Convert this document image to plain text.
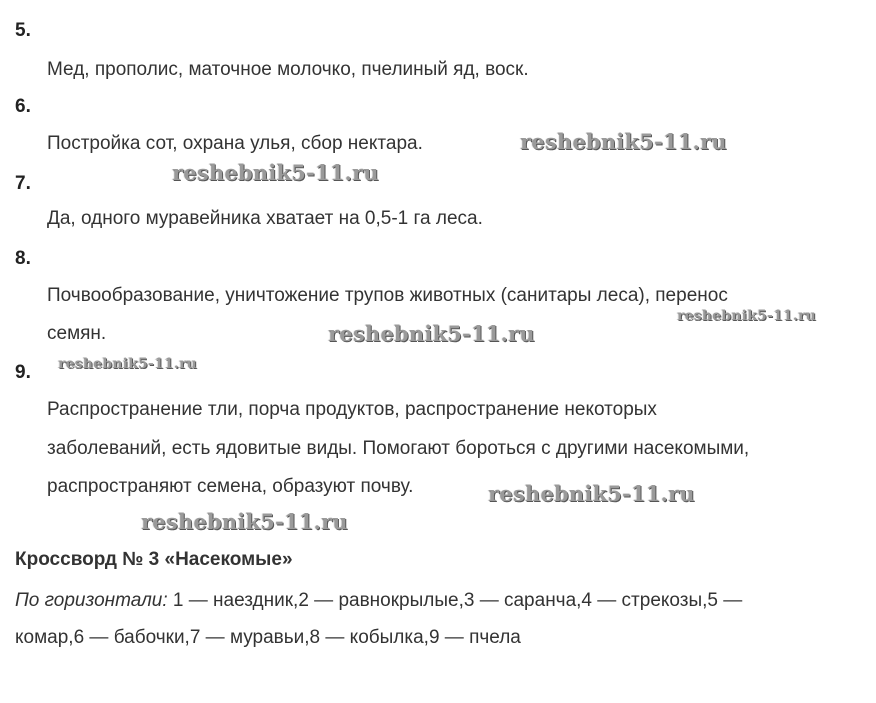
5.
Мед, прополис, маточное молочко, пчелиный яд, воск.
6.
Постройка сот, охрана улья, сбор нектара.
7.
Да, одного муравейника хватает на 0,5-1 га леса.
8.
Почвообразование, уничтожение трупов животных (санитары леса), перенос
семян.
9.
Распространение тли, порча продуктов, распространение некоторых
заболеваний, есть ядовитые виды. Помогают бороться с другими насекомыми,
распространяют семена, образуют почву.
Кроссворд № 3 «Насекомые»
По горизонтали: 1 — наездник,2 — равнокрылые,3 — саранча,4 — стрекозы,5 —
комар,6 — бабочки,7 — муравьи,8 — кобылка,9 — пчела
reshebnik5-11.ru
reshebnik5-11.ru
reshebnik5-11.ru
reshebnik5-11.ru
reshebnik5-11.ru
reshebnik5-11.ru
reshebnik5-11.ru
